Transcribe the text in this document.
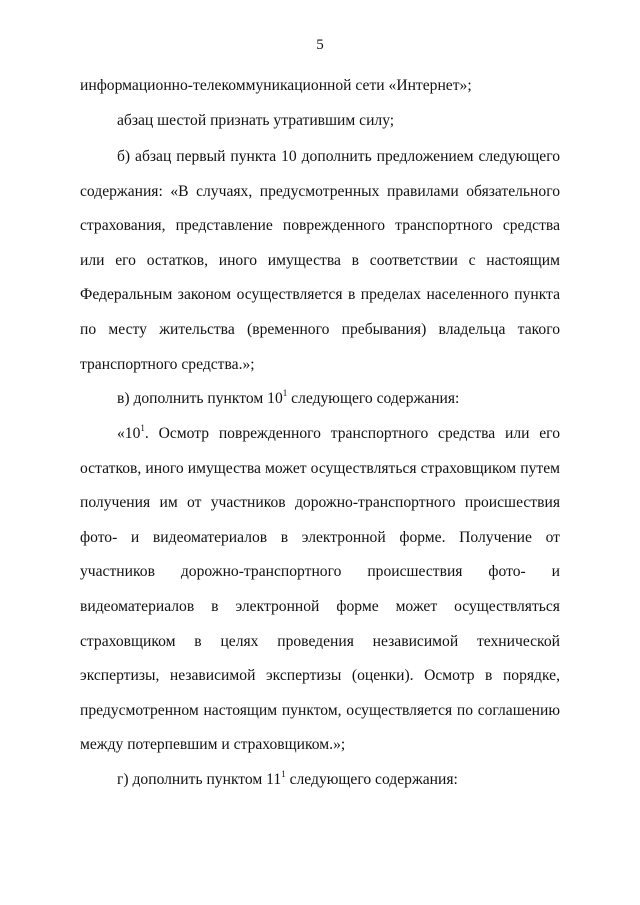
5

информационно-телекоммуникационной сети «Интернет»;

абзац шестой признать утратившим силу;

б) абзац первый пункта 10 дополнить предложением следующего содержания: «В случаях, предусмотренных правилами обязательного страхования, представление поврежденного транспортного средства или его остатков, иного имущества в соответствии с настоящим Федеральным законом осуществляется в пределах населенного пункта по месту жительства (временного пребывания) владельца такого транспортного средства.»;

в) дополнить пунктом $10^1$ следующего содержания:

«$10^1$. Осмотр поврежденного транспортного средства или его остатков, иного имущества может осуществляться страховщиком путем получения им от участников дорожно-транспортного происшествия фото- и видеоматериалов в электронной форме. Получение от участников дорожно-транспортного происшествия фото- и видеоматериалов в электронной форме может осуществляться страховщиком в целях проведения независимой технической экспертизы, независимой экспертизы (оценки). Осмотр в порядке, предусмотренном настоящим пунктом, осуществляется по соглашению между потерпевшим и страховщиком.»;

г) дополнить пунктом $11^1$ следующего содержания:
